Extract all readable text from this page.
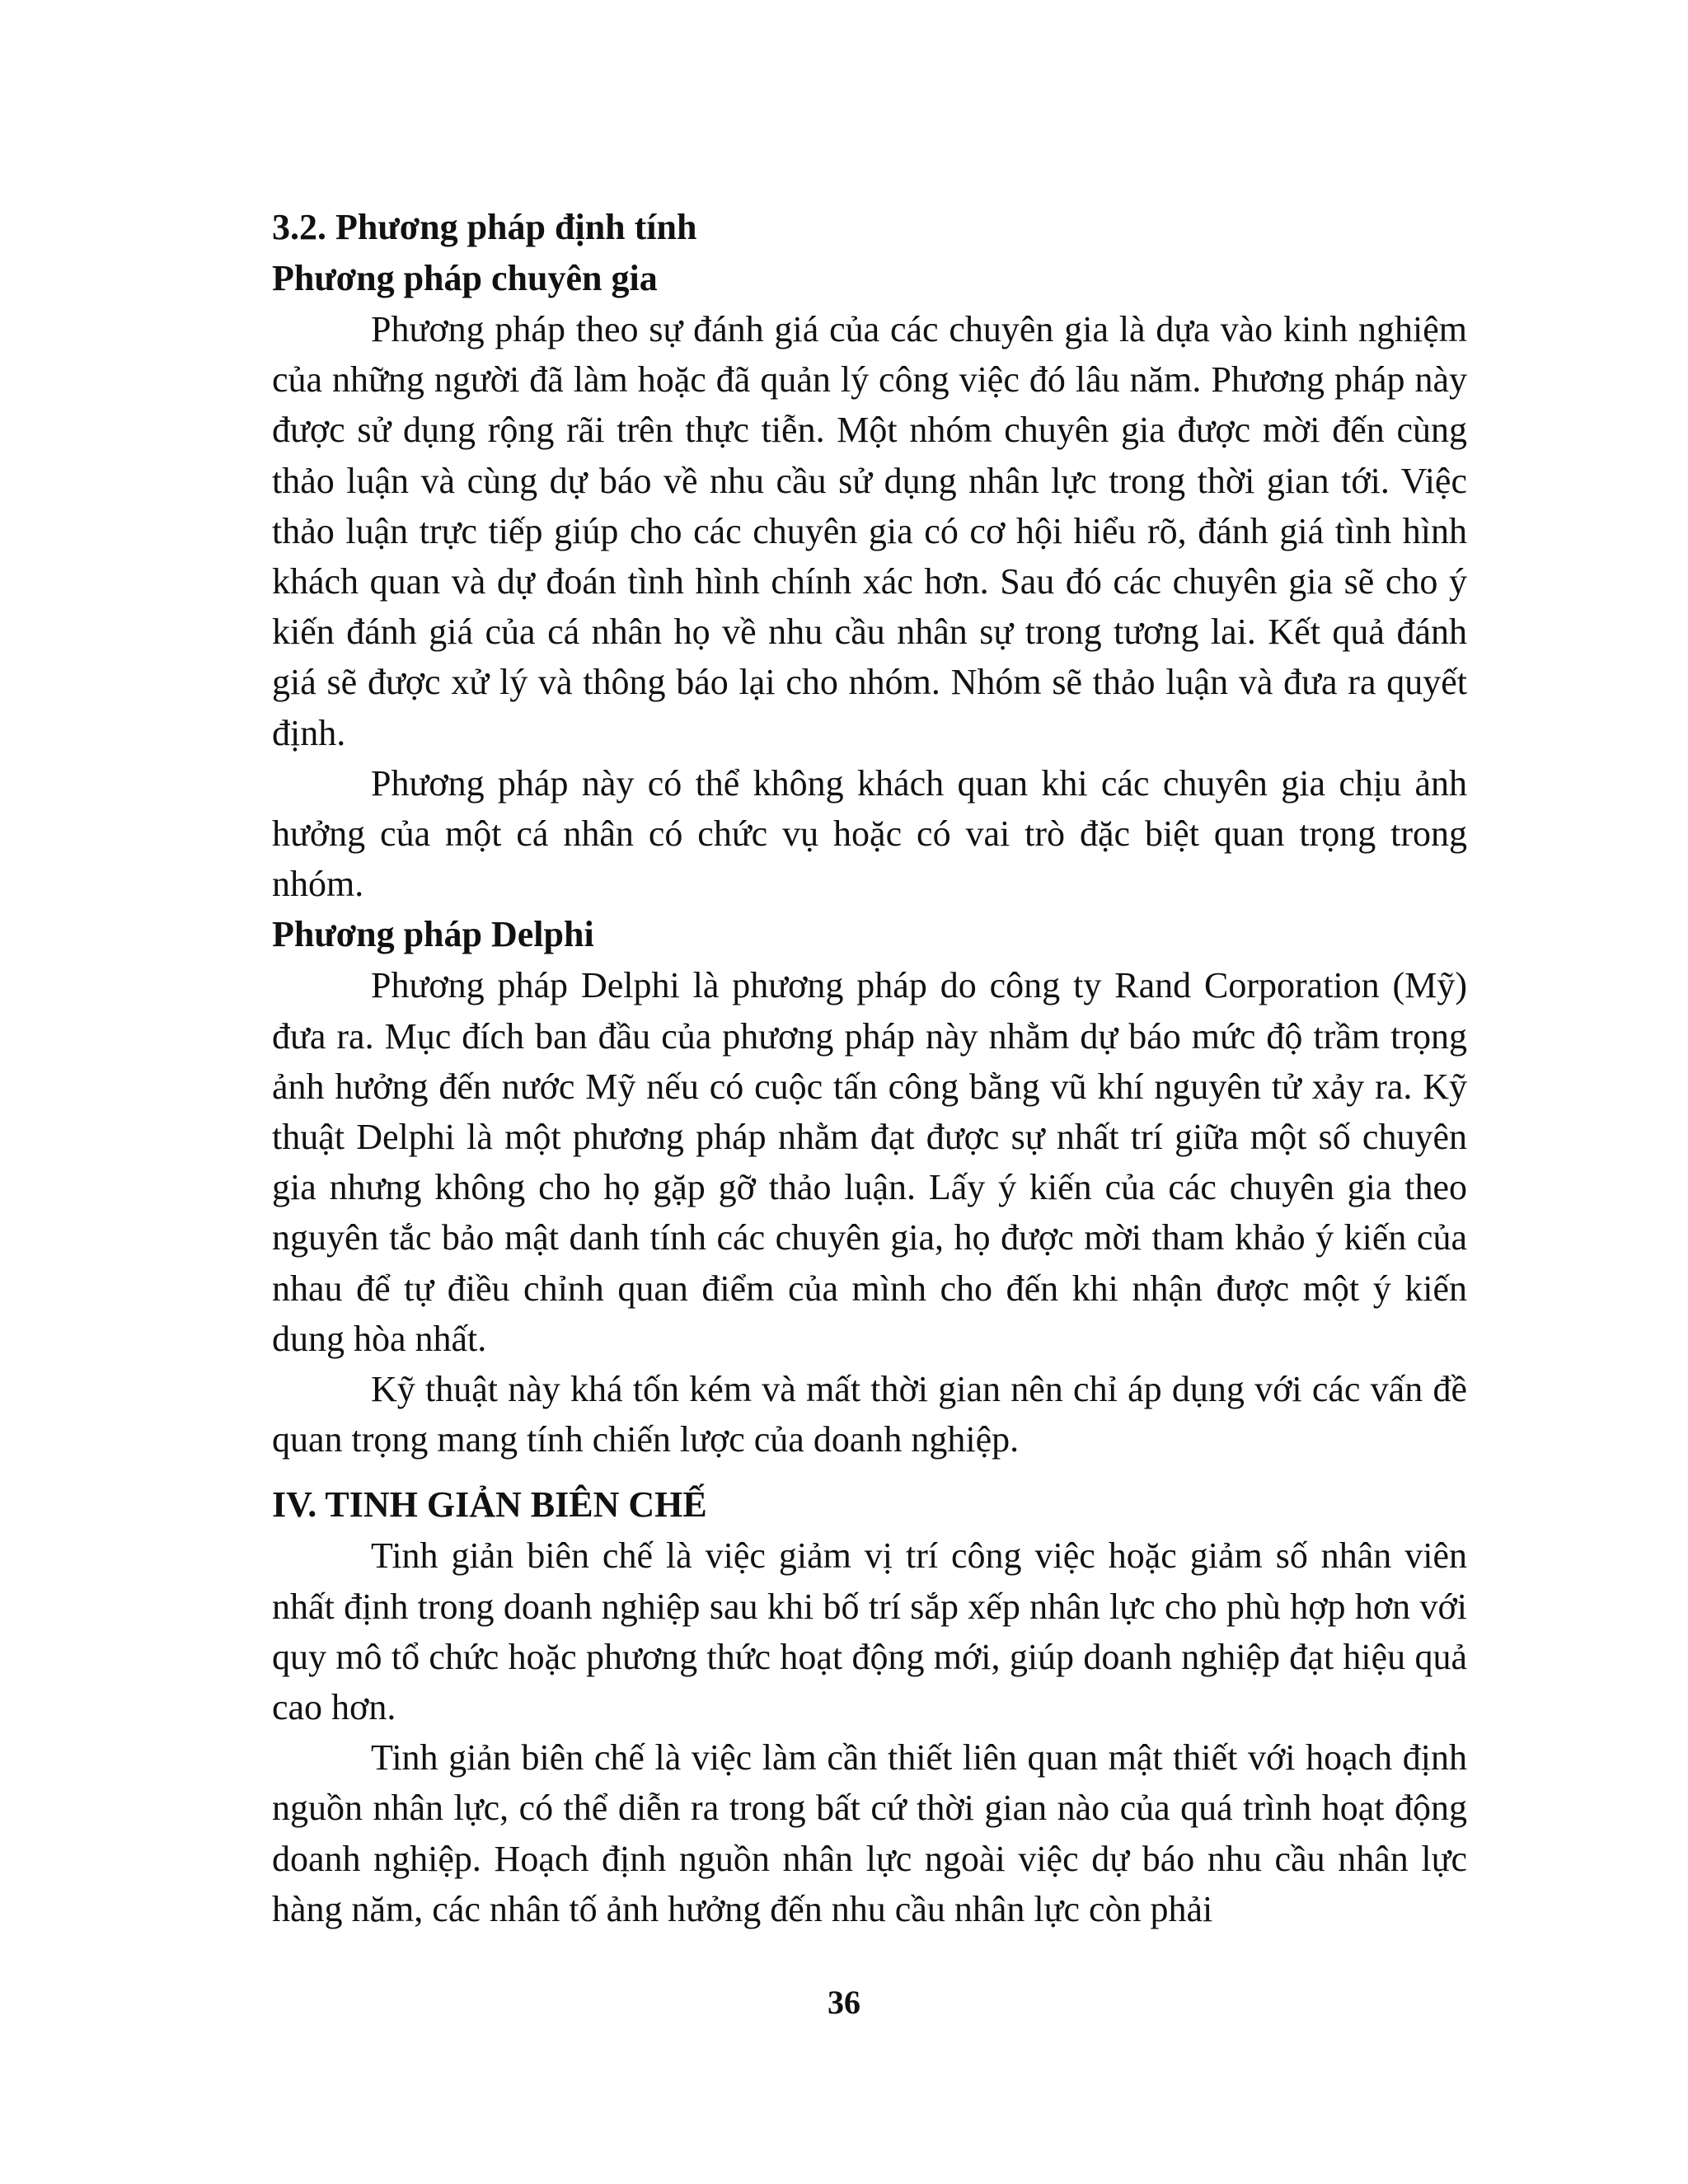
3.2. Phương pháp định tính
Phương pháp chuyên gia

Phương pháp theo sự đánh giá của các chuyên gia là dựa vào kinh nghiệm của những người đã làm hoặc đã quản lý công việc đó lâu năm. Phương pháp này được sử dụng rộng rãi trên thực tiễn. Một nhóm chuyên gia được mời đến cùng thảo luận và cùng dự báo về nhu cầu sử dụng nhân lực trong thời gian tới. Việc thảo luận trực tiếp giúp cho các chuyên gia có cơ hội hiểu rõ, đánh giá tình hình khách quan và dự đoán tình hình chính xác hơn. Sau đó các chuyên gia sẽ cho ý kiến đánh giá của cá nhân họ về nhu cầu nhân sự trong tương lai. Kết quả đánh giá sẽ được xử lý và thông báo lại cho nhóm. Nhóm sẽ thảo luận và đưa ra quyết định.

Phương pháp này có thể không khách quan khi các chuyên gia chịu ảnh hưởng của một cá nhân có chức vụ hoặc có vai trò đặc biệt quan trọng trong nhóm.

Phương pháp Delphi

Phương pháp Delphi là phương pháp do công ty Rand Corporation (Mỹ) đưa ra. Mục đích ban đầu của phương pháp này nhằm dự báo mức độ trầm trọng ảnh hưởng đến nước Mỹ nếu có cuộc tấn công bằng vũ khí nguyên tử xảy ra. Kỹ thuật Delphi là một phương pháp nhằm đạt được sự nhất trí giữa một số chuyên gia nhưng không cho họ gặp gỡ thảo luận. Lấy ý kiến của các chuyên gia theo nguyên tắc bảo mật danh tính các chuyên gia, họ được mời tham khảo ý kiến của nhau để tự điều chỉnh quan điểm của mình cho đến khi nhận được một ý kiến dung hòa nhất.

Kỹ thuật này khá tốn kém và mất thời gian nên chỉ áp dụng với các vấn đề quan trọng mang tính chiến lược của doanh nghiệp.

IV. TINH GIẢN BIÊN CHẾ

Tinh giản biên chế là việc giảm vị trí công việc hoặc giảm số nhân viên nhất định trong doanh nghiệp sau khi bố trí sắp xếp nhân lực cho phù hợp hơn với quy mô tổ chức hoặc phương thức hoạt động mới, giúp doanh nghiệp đạt hiệu quả cao hơn.

Tinh giản biên chế là việc làm cần thiết liên quan mật thiết với hoạch định nguồn nhân lực, có thể diễn ra trong bất cứ thời gian nào của quá trình hoạt động doanh nghiệp. Hoạch định nguồn nhân lực ngoài việc dự báo nhu cầu nhân lực hàng năm, các nhân tố ảnh hưởng đến nhu cầu nhân lực còn phải

36
